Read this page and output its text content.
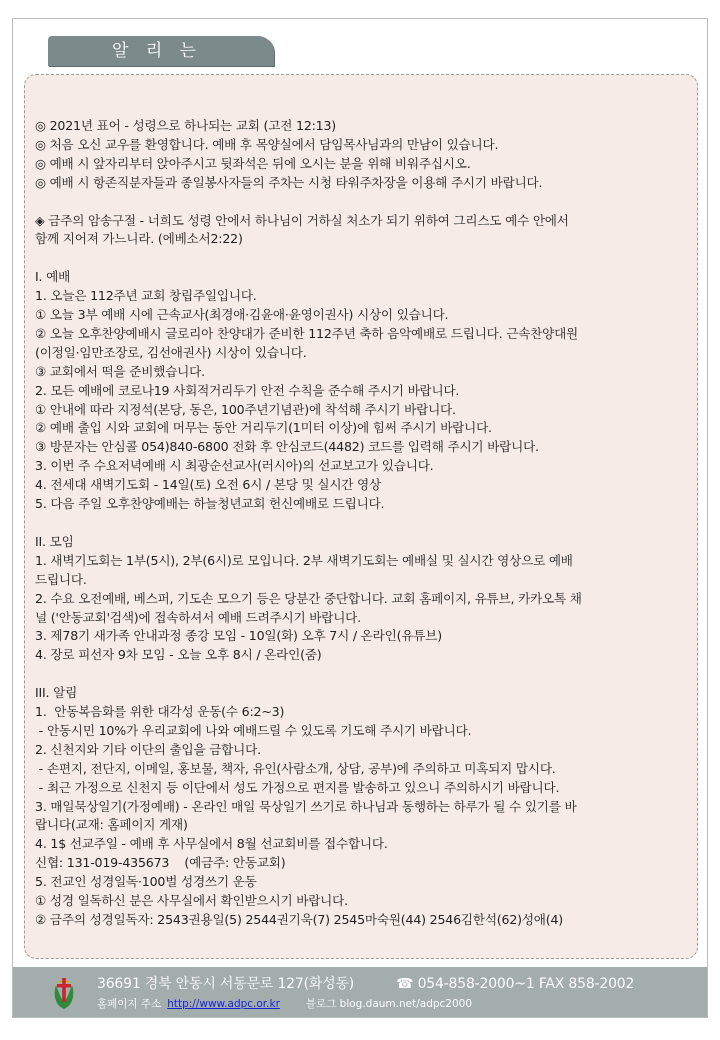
알 리 는

◎ 2021년 표어 - 성령으로 하나되는 교회 (고전 12:13)

◎ 처음 오신 교우를 환영합니다. 예배 후 목양실에서 담임목사님과의 만남이 있습니다.

◎ 예배 시 앞자리부터 앉아주시고 뒷좌석은 뒤에 오시는 분을 위해 비워주십시오.

◎ 예배 시 항존직분자들과 종일봉사자들의 주차는 시청 타워주차장을 이용해 주시기 바랍니다.

◈ 금주의 암송구절 - 너희도 성령 안에서 하나님이 거하실 처소가 되기 위하여 그리스도 예수 안에서

함께 지어져 가느니라. (에베소서2:22)

I. 예배

1. 오늘은 112주년 교회 창립주일입니다.

① 오늘 3부 예배 시에 근속교사(최경애·김윤애·윤영이권사) 시상이 있습니다.

② 오늘 오후찬양예배시 글로리아 찬양대가 준비한 112주년 축하 음악예배로 드립니다. 근속찬양대원

(이정일·임만조장로, 김선애권사) 시상이 있습니다.

③ 교회에서 떡을 준비했습니다.

2. 모든 예배에 코로나19 사회적거리두기 안전 수칙을 준수해 주시기 바랍니다.

① 안내에 따라 지정석(본당, 동은, 100주년기념관)에 착석해 주시기 바랍니다.

② 예배 출입 시와 교회에 머무는 동안 거리두기(1미터 이상)에 힘써 주시기 바랍니다.

③ 방문자는 안심콜 054)840-6800 전화 후 안심코드(4482) 코드를 입력해 주시기 바랍니다.

3. 이번 주 수요저녁예배 시 최광순선교사(러시아)의 선교보고가 있습니다.

4. 전세대 새벽기도회 - 14일(토) 오전 6시 / 본당 및 실시간 영상

5. 다음 주일 오후찬양예배는 하늘청년교회 헌신예배로 드립니다.

II. 모임

1. 새벽기도회는 1부(5시), 2부(6시)로 모입니다. 2부 새벽기도회는 예배실 및 실시간 영상으로 예배

드립니다.

2. 수요 오전예배, 베스퍼, 기도손 모으기 등은 당분간 중단합니다. 교회 홈페이지, 유튜브, 카카오톡 채

널 ('안동교회'검색)에 접속하셔서 예배 드려주시기 바랍니다.

3. 제78기 새가족 안내과정 종강 모임 - 10일(화) 오후 7시 / 온라인(유튜브)

4. 장로 피선자 9차 모임 - 오늘 오후 8시 / 온라인(줌)

III. 알림

1.  안동복음화를 위한 대각성 운동(수 6:2~3)

- 안동시민 10%가 우리교회에 나와 예배드릴 수 있도록 기도해 주시기 바랍니다.

2. 신천지와 기타 이단의 출입을 금합니다.

- 손편지, 전단지, 이메일, 홍보물, 책자, 유인(사람소개, 상담, 공부)에 주의하고 미혹되지 맙시다.

- 최근 가정으로 신천지 등 이단에서 성도 가정으로 편지를 발송하고 있으니 주의하시기 바랍니다.

3. 매일묵상일기(가정예배) - 온라인 매일 묵상일기 쓰기로 하나님과 동행하는 하루가 될 수 있기를 바

랍니다(교재: 홈페이지 게재)

4. 1$ 선교주일 - 예배 후 사무실에서 8월 선교회비를 접수합니다.

신협: 131-019-435673    (예금주: 안동교회)

5. 전교인 성경일독·100벌 성경쓰기 운동

① 성경 일독하신 분은 사무실에서 확인받으시기 바랍니다.

② 금주의 성경일독자: 2543권용일(5) 2544권기욱(7) 2545마숙원(44) 2546김한석(62)성애(4)

36691 경북 안동시 서동문로 127(화성동)	☎ 054-858-2000~1 FAX 858-2002
홈페이지 주소 http://www.adpc.or.kr 블로그 blog.daum.net/adpc2000
